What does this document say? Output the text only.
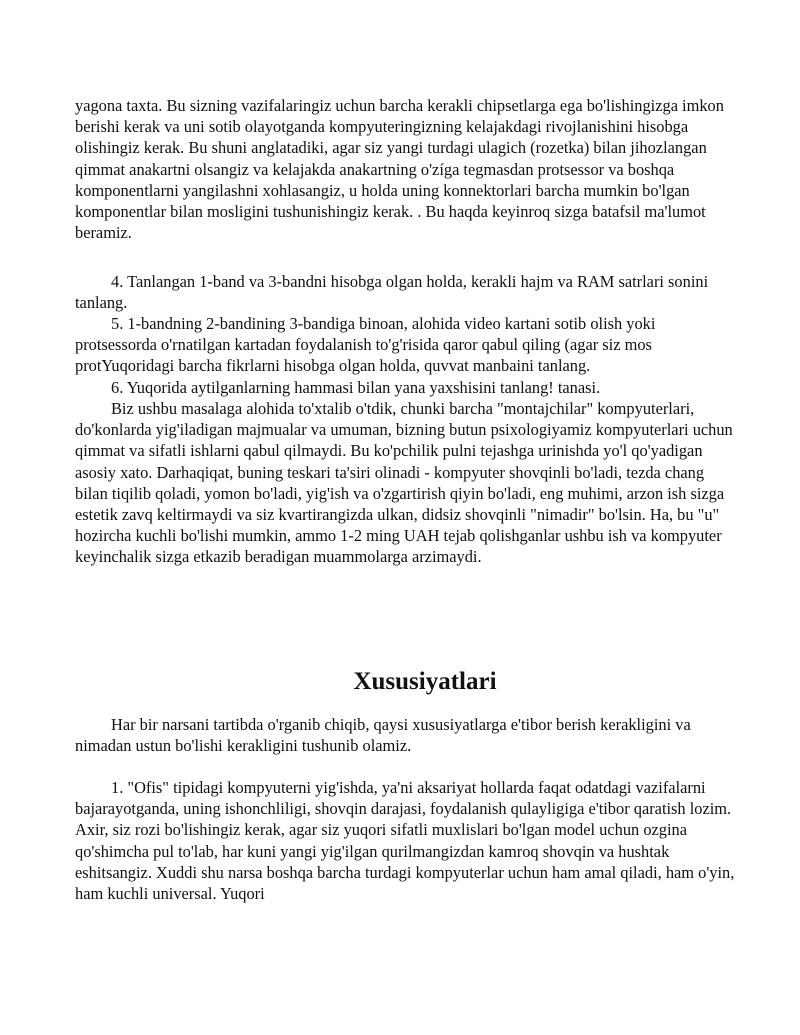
yagona taxta. Bu sizning vazifalaringiz uchun barcha kerakli chipsetlarga ega bo'lishingizga imkon berishi kerak va uni sotib olayotganda kompyuteringizning kelajakdagi rivojlanishini hisobga olishingiz kerak. Bu shuni anglatadiki, agar siz yangi turdagi ulagich (rozetka) bilan jihozlangan qimmat anakartni olsangiz va kelajakda anakartning o'zíga tegmasdan protsessor va boshqa komponentlarni yangilashni xohlasangiz, u holda uning konnektorlari barcha mumkin bo'lgan komponentlar bilan mosligini tushunishingiz kerak. . Bu haqda keyinroq sizga batafsil ma'lumot beramiz.

4. Tanlangan 1-band va 3-bandni hisobga olgan holda, kerakli hajm va RAM satrlari sonini tanlang.

5. 1-bandning 2-bandining 3-bandiga binoan, alohida video kartani sotib olish yoki protsessorda o'rnatilgan kartadan foydalanish to'g'risida qaror qabul qiling (agar siz mos protYuqoridagi barcha fikrlarni hisobga olgan holda, quvvat manbaini tanlang.

6. Yuqorida aytilganlarning hammasi bilan yana yaxshisini tanlang! tanasi.

Biz ushbu masalaga alohida to'xtalib o'tdik, chunki barcha "montajchilar" kompyuterlari, do'konlarda yig'iladigan majmualar va umuman, bizning butun psixologiyamiz kompyuterlari uchun qimmat va sifatli ishlarni qabul qilmaydi. Bu ko'pchilik pulni tejashga urinishda yo'l qo'yadigan asosiy xato. Darhaqiqat, buning teskari ta'siri olinadi - kompyuter shovqinli bo'ladi, tezda chang bilan tiqilib qoladi, yomon bo'ladi, yig'ish va o'zgartirish qiyin bo'ladi, eng muhimi, arzon ish sizga estetik zavq keltirmaydi va siz kvartirangizda ulkan, didsiz shovqinli "nimadir" bo'lsin. Ha, bu "u" hozircha kuchli bo'lishi mumkin, ammo 1-2 ming UAH tejab qolishganlar ushbu ish va kompyuter keyinchalik sizga etkazib beradigan muammolarga arzimaydi.

Xususiyatlari

Har bir narsani tartibda o'rganib chiqib, qaysi xususiyatlarga e'tibor berish kerakligini va nimadan ustun bo'lishi kerakligini tushunib olamiz.

1. "Ofis" tipidagi kompyuterni yig'ishda, ya'ni aksariyat hollarda faqat odatdagi vazifalarni bajarayotganda, uning ishonchliligi, shovqin darajasi, foydalanish qulayligiga e'tibor qaratish lozim. Axir, siz rozi bo'lishingiz kerak, agar siz yuqori sifatli muxlislari bo'lgan model uchun ozgina qo'shimcha pul to'lab, har kuni yangi yig'ilgan qurilmangizdan kamroq shovqin va hushtak eshitsangiz. Xuddi shu narsa boshqa barcha turdagi kompyuterlar uchun ham amal qiladi, ham o'yin, ham kuchli universal. Yuqori
